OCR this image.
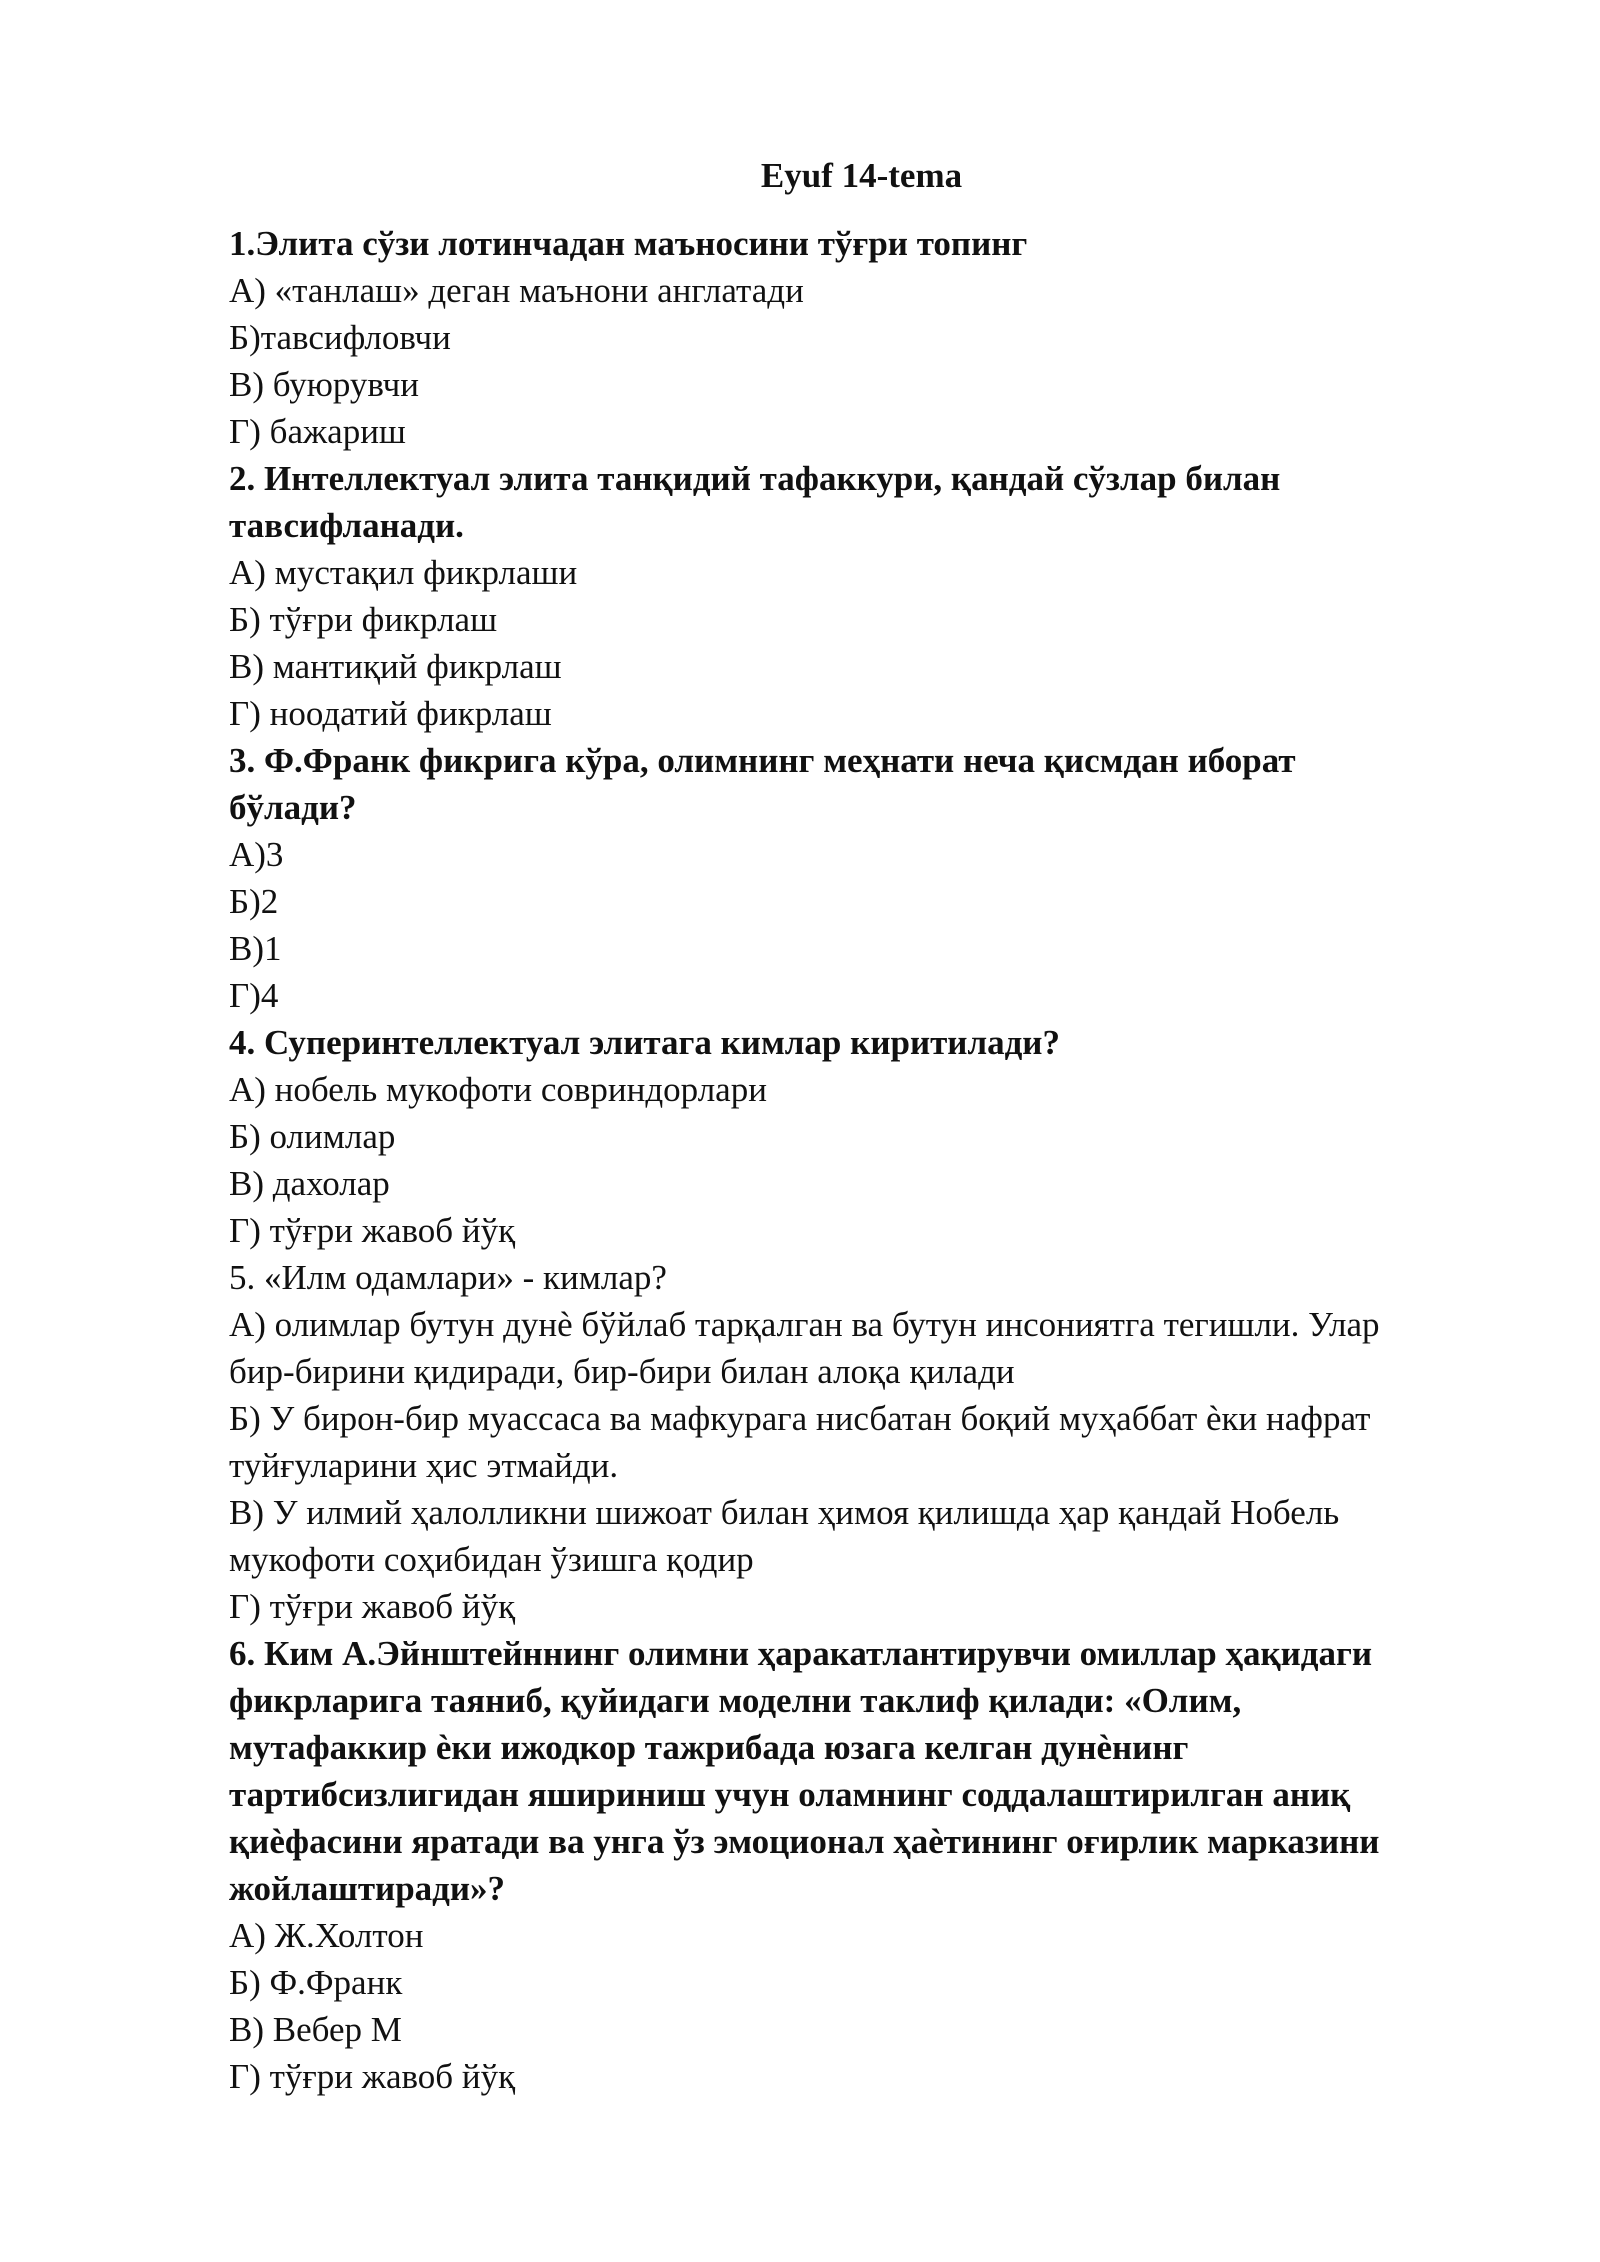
Eyuf 14-tema
1.Элита сўзи лотинчадан маъносини тўғри топинг
А) «танлаш» деган маънони англатади
Б)тавсифловчи
В) буюрувчи
Г) бажариш
2. Интеллектуал элита танқидий тафаккури, қандай сўзлар билан
тавсифланади.
А) мустақил фикрлаши
Б) тўғри фикрлаш
В) мантиқий фикрлаш
Г) ноодатий фикрлаш
3. Ф.Франк фикрига кўра, олимнинг меҳнати неча қисмдан иборат
бўлади?
А)3
Б)2
В)1
Г)4
4. Суперинтеллектуал элитага кимлар киритилади?
А) нобель мукофоти совриндорлари
Б) олимлар
В) дахолар
Г) тўғри жавоб йўқ
5. «Илм одамлари» - кимлар?
А) олимлар бутун дунѐ бўйлаб тарқалган ва бутун инсониятга тегишли. Улар
бир-бирини қидиради, бир-бири билан алоқа қилади
Б) У бирон-бир муассаса ва мафкурага нисбатан боқий муҳаббат ѐки нафрат
туйғуларини ҳис этмайди.
В) У илмий ҳалолликни шижоат билан ҳимоя қилишда ҳар қандай Нобель
мукофоти соҳибидан ўзишга қодир
Г) тўғри жавоб йўқ
6. Ким А.Эйнштейннинг олимни ҳаракатлантирувчи омиллар ҳақидаги
фикрларига таяниб, қуйидаги моделни таклиф қилади: «Олим,
мутафаккир ѐки ижодкор тажрибада юзага келган дунѐнинг
тартибсизлигидан яшириниш учун оламнинг соддалаштирилган аниқ
қиѐфасини яратади ва унга ўз эмоционал ҳаѐтининг оғирлик марказини
жойлаштиради»?
А) Ж.Холтон
Б) Ф.Франк
В) Вебер М
Г) тўғри жавоб йўқ
